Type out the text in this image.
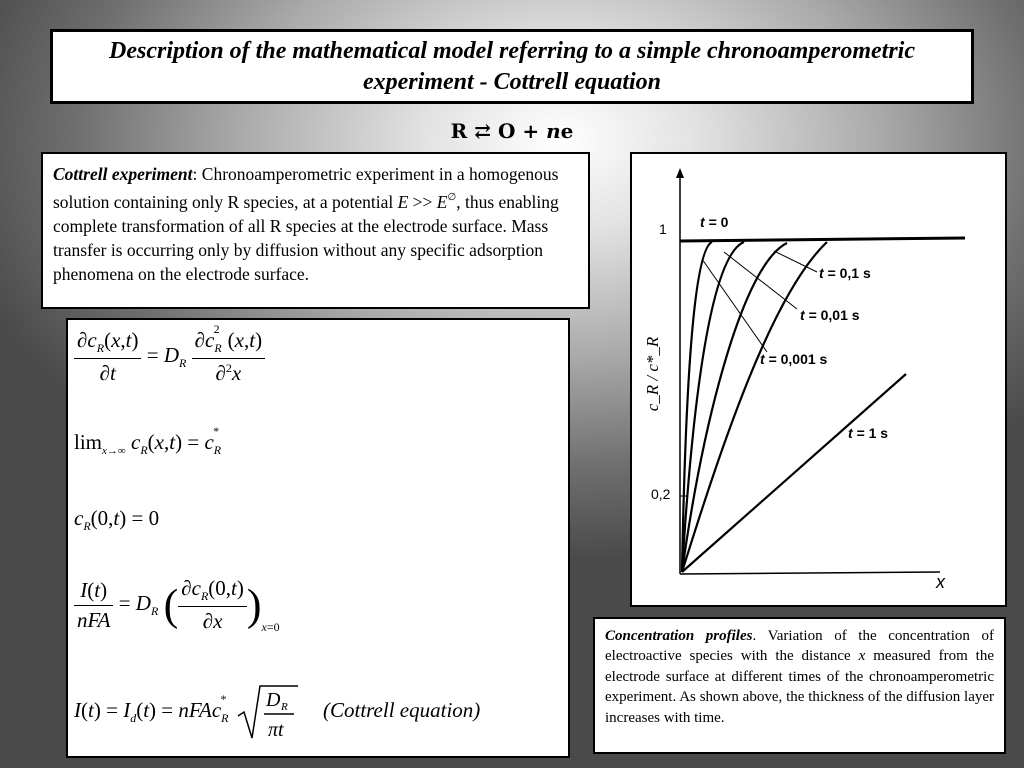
Description of the mathematical model referring to a simple chronoamperometric experiment - Cottrell equation
R ⇄ O + ne
Cottrell experiment: Chronoamperometric experiment in a homogenous solution containing only R species, at a potential E >> E∅, thus enabling complete transformation of all R species at the electrode surface. Mass transfer is occurring only by diffusion without any specific adsorption phenomena on the electrode surface.
$\frac{\partial c_R(x,t)}{\partial t} = D_R \frac{\partial c_R^2 (x,t)}{\partial^2x}$
$\lim_{x\to\infty} c_R(x,t) = c_R^*$
$c_R(0,t) = 0$
$\frac{I(t)}{\text{nFA}} = D_R$ ( $\frac{\partial c_R(0,t)}{\partial x} )_{x=0}$
$I(t) = I_d(t)$ = nFAc$_R$* D R
πt
(Cottrell equation)
1
0,2
x
c_R / c*_R
t = 0
t = 0,1 s
t = 0,01 s
t = 0,001 s
t = 1 s
Concentration profiles. Variation of the concentration of electroactive species with the distance x measured from the electrode surface at different times of the chronoamperometric experiment. As shown above, the thickness of the diffusion layer increases with time.
